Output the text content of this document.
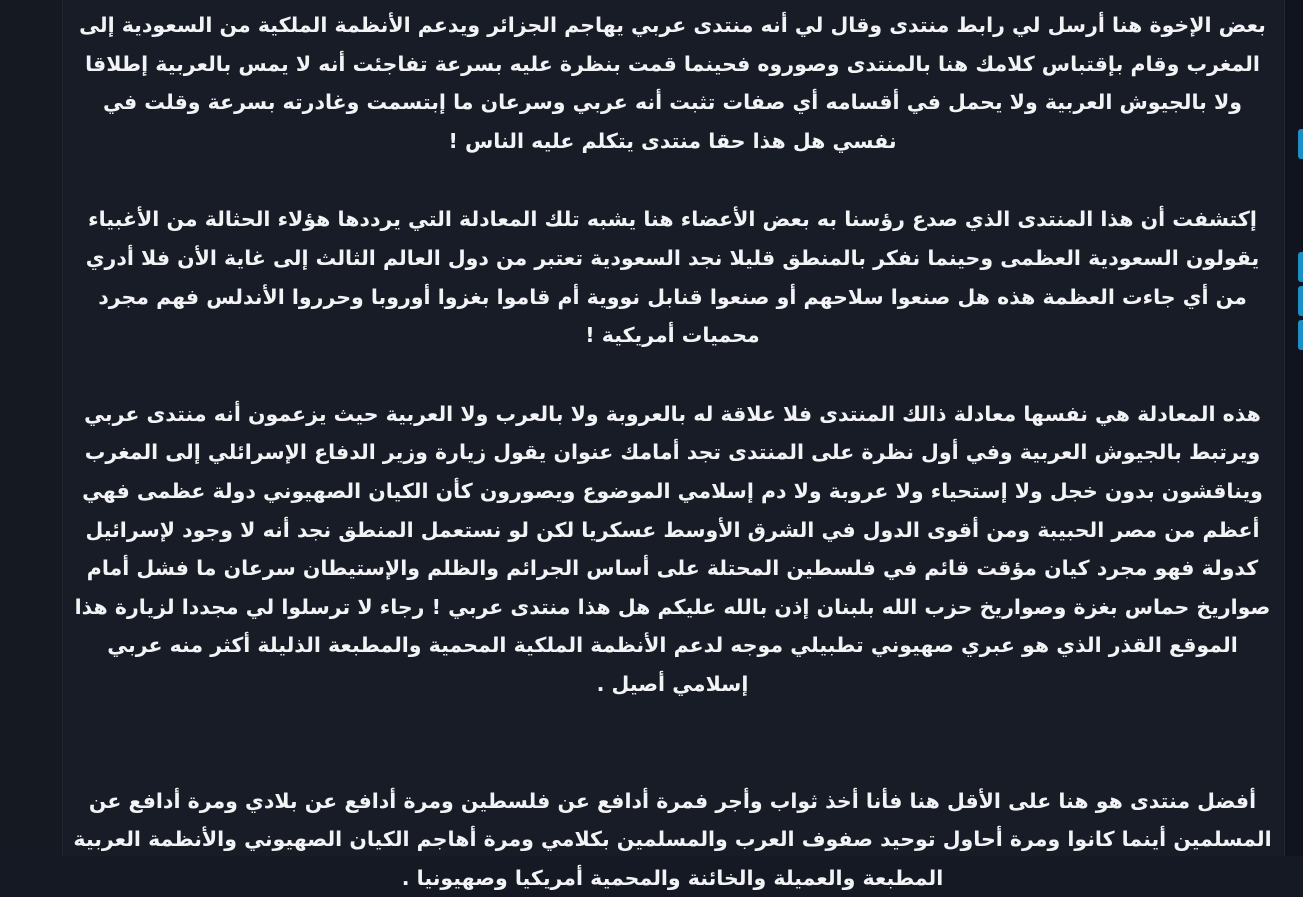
بعض الإخوة هنا أرسل لي رابط منتدى وقال لي أنه منتدى عربي يهاجم الجزائر ويدعم الأنظمة الملكية من السعودية إلى المغرب وقام بإقتباس كلامك هنا بالمنتدى وصوروه فحينما قمت بنظرة عليه بسرعة تفاجئت أنه لا يمس بالعربية إطلاقا ولا بالجيوش العربية ولا يحمل في أقسامه أي صفات تثبت أنه عربي وسرعان ما إبتسمت وغادرته بسرعة وقلت في نفسي هل هذا حقا منتدى يتكلم عليه الناس !

إكتشفت أن هذا المنتدى الذي صدع رؤسنا به بعض الأعضاء هنا يشبه تلك المعادلة التي يرددها هؤلاء الحثالة من الأغبياء يقولون السعودية العظمى وحينما نفكر بالمنطق قليلا نجد السعودية تعتبر من دول العالم الثالث إلى غاية الأن فلا أدري من أي جاءت العظمة هذه هل صنعوا سلاحهم أو صنعوا قنابل نووية أم قاموا بغزوا أوروبا وحرروا الأندلس فهم مجرد محميات أمريكية !

هذه المعادلة هي نفسها معادلة ذالك المنتدى فلا علاقة له بالعروبة ولا بالعرب ولا العربية حيث يزعمون أنه منتدى عربي ويرتبط بالجيوش العربية وفي أول نظرة على المنتدى تجد أمامك عنوان يقول زيارة وزير الدفاع الإسرائلي إلى المغرب ويناقشون بدون خجل ولا إستحياء ولا عروبة ولا دم إسلامي الموضوع ويصورون كأن الكيان الصهيوني دولة عظمى فهي أعظم من مصر الحبيبة ومن أقوى الدول في الشرق الأوسط عسكريا لكن لو نستعمل المنطق نجد أنه لا وجود لإسرائيل كدولة فهو مجرد كيان مؤقت قائم في فلسطين المحتلة على أساس الجرائم والظلم والإستيطان سرعان ما فشل أمام صواريخ حماس بغزة وصواريخ حزب الله بلبنان إذن بالله عليكم هل هذا منتدى عربي ! رجاء لا ترسلوا لي مجددا لزيارة هذا الموقع القذر الذي هو عبري صهيوني تطبيلي موجه لدعم الأنظمة الملكية المحمية والمطبعة الذليلة أكثر منه عربي إسلامي أصيل .

أفضل منتدى هو هنا على الأقل هنا فأنا أخذ ثواب وأجر فمرة أدافع عن فلسطين ومرة أدافع عن بلادي ومرة أدافع عن المسلمين أينما كانوا ومرة أحاول توحيد صفوف العرب والمسلمين بكلامي ومرة أهاجم الكيان الصهيوني والأنظمة العربية المطبعة والعميلة والخائنة والمحمية أمريكيا وصهيونيا .
